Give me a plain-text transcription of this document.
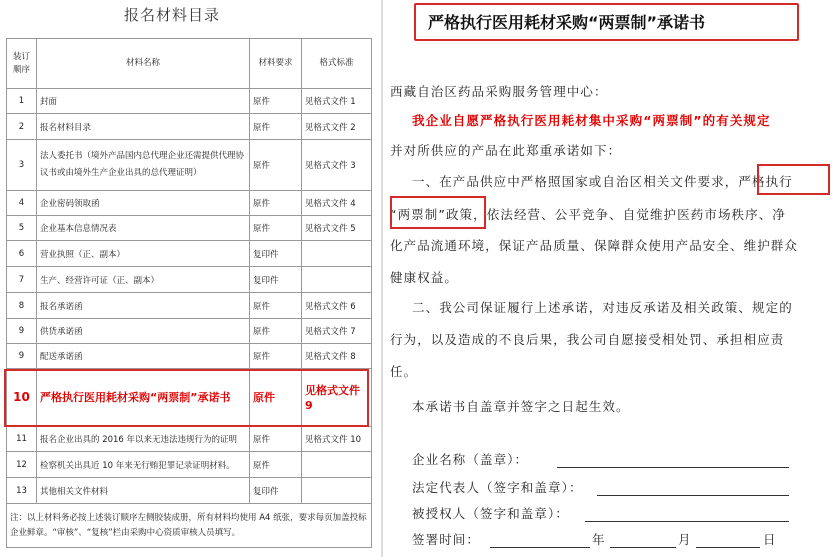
报名材料目录
装订顺序	材料名称	材料要求	格式标准
1	封面	原件	见格式文件 1
2	报名材料目录	原件	见格式文件 2
3	法人委托书（境外产品国内总代理企业还需提供代理协议书或由境外生产企业出具的总代理证明）	原件	见格式文件 3
4	企业密码领取函	原件	见格式文件 4
5	企业基本信息情况表	原件	见格式文件 5
6	营业执照（正、副本）	复印件	
7	生产、经营许可证（正、副本）	复印件	
8	报名承诺函	原件	见格式文件 6
9	供货承诺函	原件	见格式文件 7
9	配送承诺函	原件	见格式文件 8
10	严格执行医用耗材采购“两票制”承诺书	原件	见格式文件 9
11	报名企业出具的 2016 年以来无违法违规行为的证明	原件	见格式文件 10
12	检察机关出具近 10 年来无行贿犯罪记录证明材料。	原件	
13	其他相关文件材料	复印件	
注：以上材料务必按上述装订顺序左侧胶装成册，所有材料均使用 A4 纸张，要求每页加盖投标企业鲜章。“审核”、“复核”栏由采购中心资质审核人员填写。			
严格执行医用耗材采购“两票制”承诺书
西藏自治区药品采购服务管理中心：
我企业自愿严格执行医用耗材集中采购“两票制”的有关规定
并对所供应的产品在此郑重承诺如下：
一、在产品供应中严格照国家或自治区相关文件要求，严格执行
“两票制”政策，依法经营、公平竞争、自觉维护医药市场秩序、净
化产品流通环境，保证产品质量、保障群众使用产品安全、维护群众
健康权益。
二、我公司保证履行上述承诺，对违反承诺及相关政策、规定的
行为，以及造成的不良后果，我公司自愿接受相处罚、承担相应责
任。
本承诺书自盖章并签字之日起生效。
企业名称（盖章）：
法定代表人（签字和盖章）：
被授权人（签字和盖章）：
签署时间：	年	月	日
